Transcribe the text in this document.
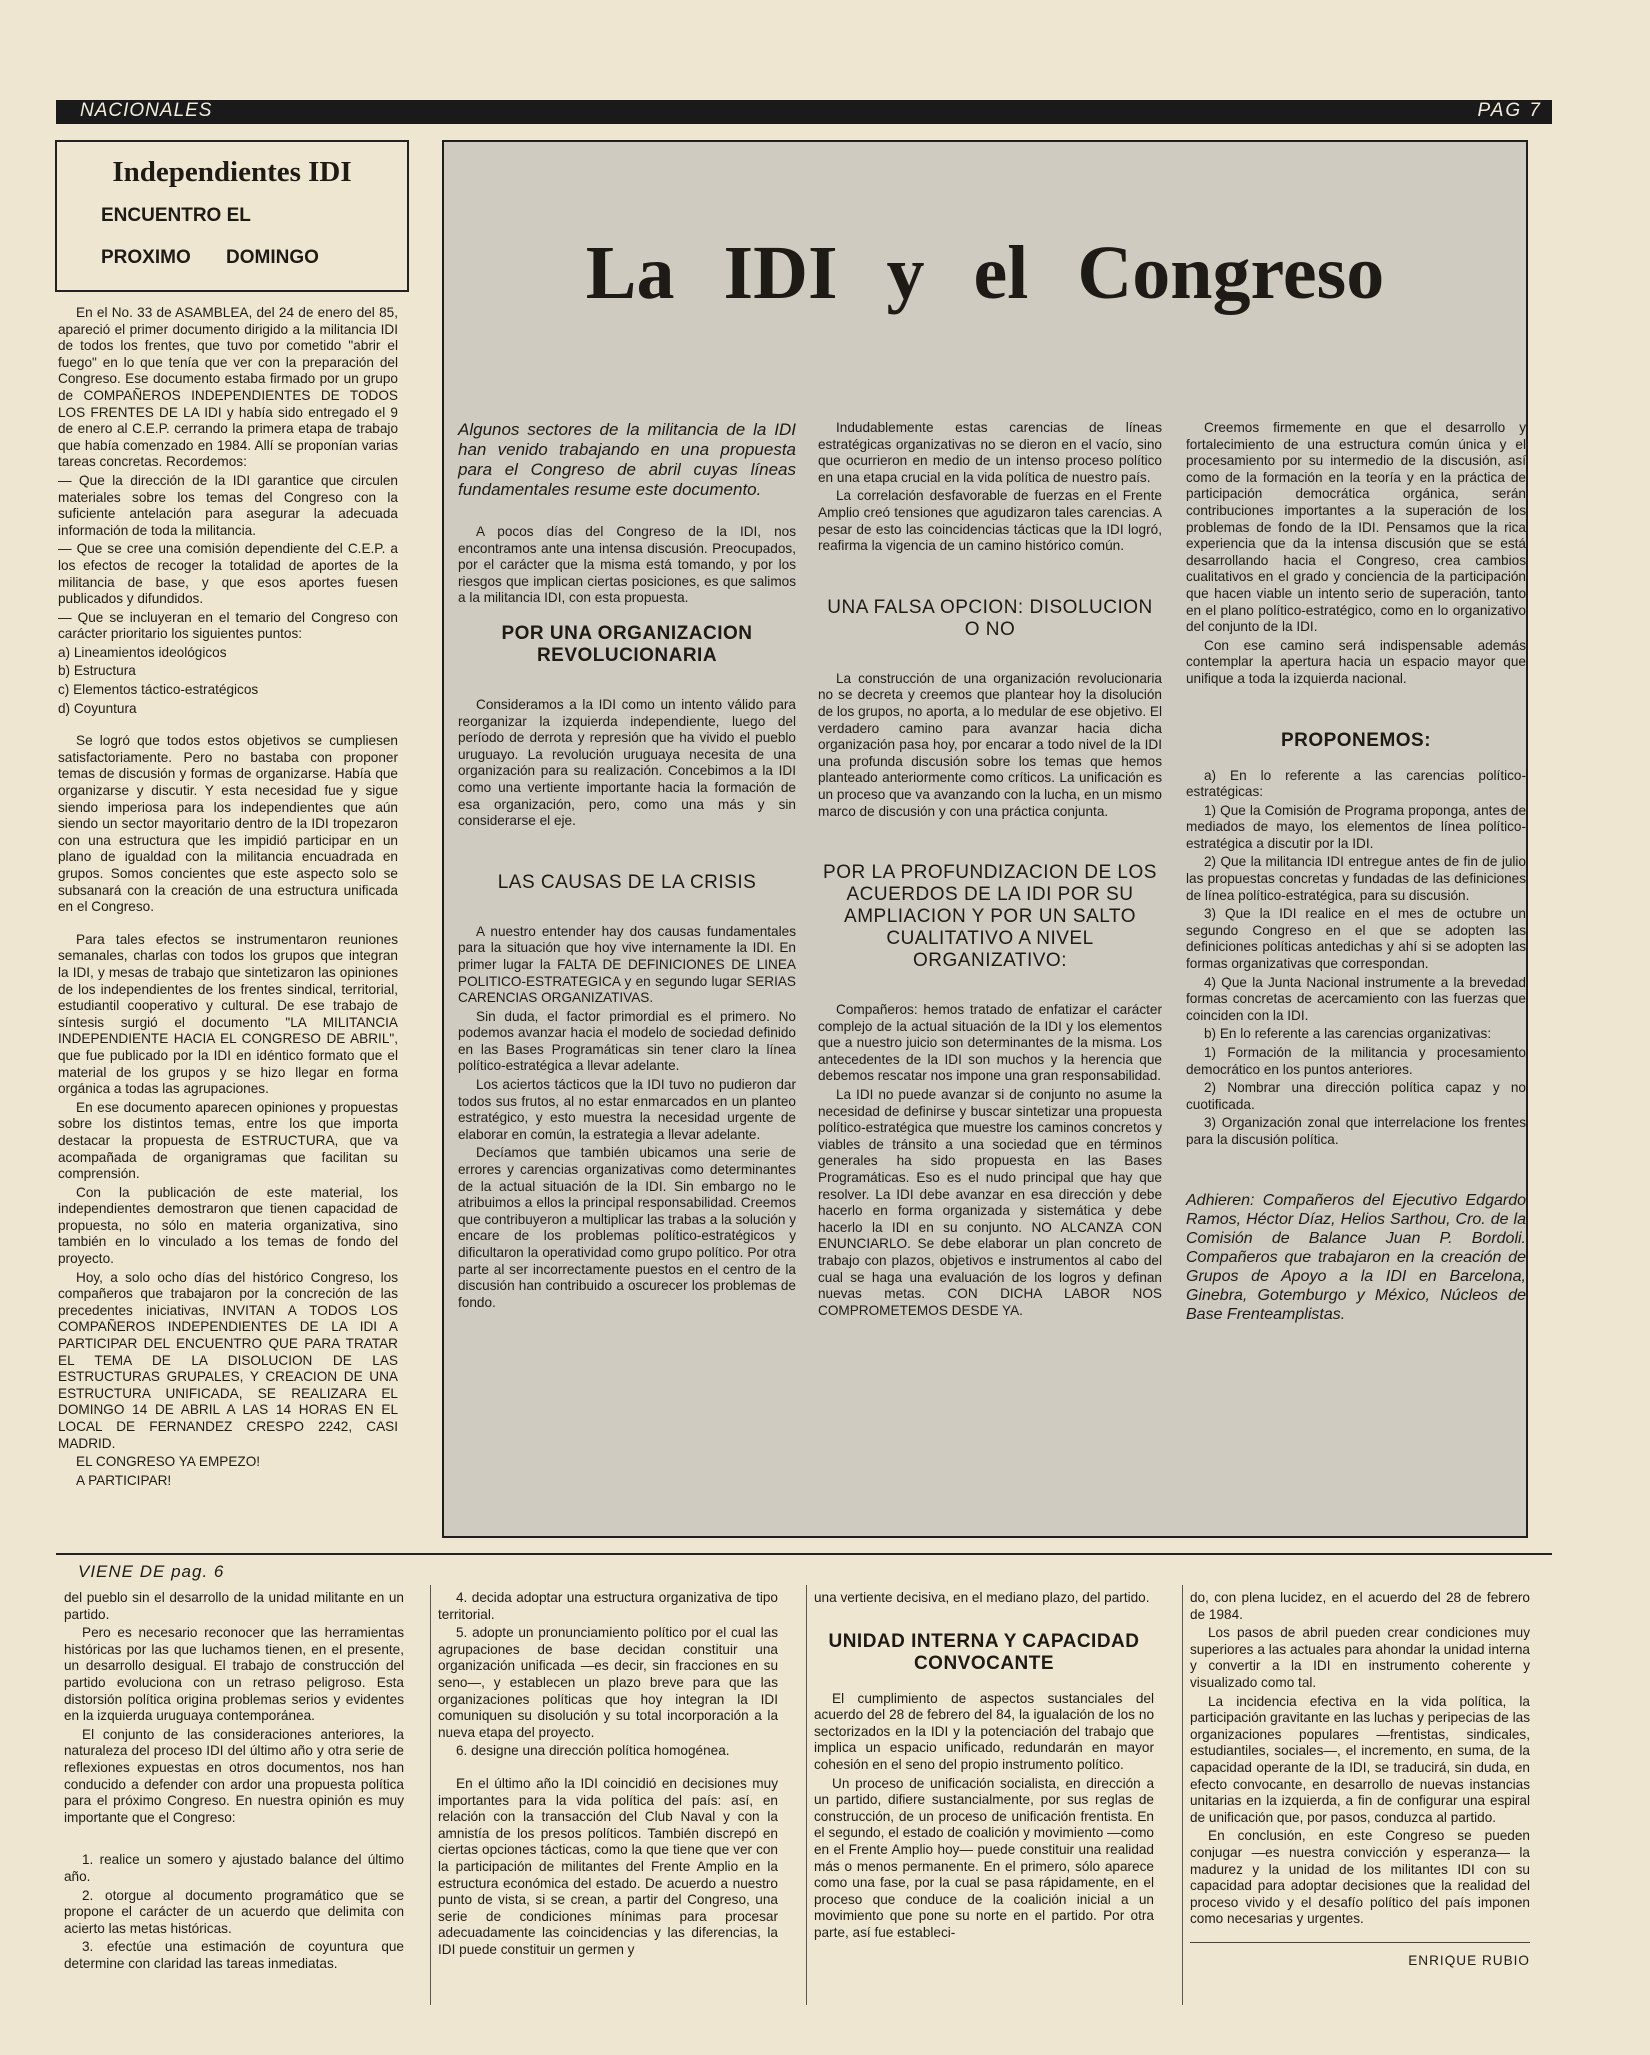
NACIONALES	PAG 7
Independientes IDI
ENCUENTRO EL
PROXIMO DOMINGO

En el No. 33 de ASAMBLEA, del 24 de enero del 85, apareció el primer documento dirigido a la militancia IDI de todos los frentes, que tuvo por cometido "abrir el fuego" en lo que tenía que ver con la preparación del Congreso. Ese documento estaba firmado por un grupo de COMPAÑEROS INDEPENDIENTES DE TODOS LOS FRENTES DE LA IDI y había sido entregado el 9 de enero al C.E.P. cerrando la primera etapa de trabajo que había comenzado en 1984. Allí se proponían varias tareas concretas. Recordemos:

— Que la dirección de la IDI garantice que circulen materiales sobre los temas del Congreso con la suficiente antelación para asegurar la adecuada información de toda la militancia.

— Que se cree una comisión dependiente del C.E.P. a los efectos de recoger la totalidad de aportes de la militancia de base, y que esos aportes fuesen publicados y difundidos.

— Que se incluyeran en el temario del Congreso con carácter prioritario los siguientes puntos:

a) Lineamientos ideológicos

b) Estructura

c) Elementos táctico-estratégicos

d) Coyuntura

Se logró que todos estos objetivos se cumpliesen satisfactoriamente. Pero no bastaba con proponer temas de discusión y formas de organizarse. Había que organizarse y discutir. Y esta necesidad fue y sigue siendo imperiosa para los independientes que aún siendo un sector mayoritario dentro de la IDI tropezaron con una estructura que les impidió participar en un plano de igualdad con la militancia encuadrada en grupos. Somos concientes que este aspecto solo se subsanará con la creación de una estructura unificada en el Congreso.

Para tales efectos se instrumentaron reuniones semanales, charlas con todos los grupos que integran la IDI, y mesas de trabajo que sintetizaron las opiniones de los independientes de los frentes sindical, territorial, estudiantil cooperativo y cultural. De ese trabajo de síntesis surgió el documento "LA MILITANCIA INDEPENDIENTE HACIA EL CONGRESO DE ABRIL", que fue publicado por la IDI en idéntico formato que el material de los grupos y se hizo llegar en forma orgánica a todas las agrupaciones.

En ese documento aparecen opiniones y propuestas sobre los distintos temas, entre los que importa destacar la propuesta de ESTRUCTURA, que va acompañada de organigramas que facilitan su comprensión.

Con la publicación de este material, los independientes demostraron que tienen capacidad de propuesta, no sólo en materia organizativa, sino también en lo vinculado a los temas de fondo del proyecto.

Hoy, a solo ocho días del histórico Congreso, los compañeros que trabajaron por la concreción de las precedentes iniciativas, INVITAN A TODOS LOS COMPAÑEROS INDEPENDIENTES DE LA IDI A PARTICIPAR DEL ENCUENTRO QUE PARA TRATAR EL TEMA DE LA DISOLUCION DE LAS ESTRUCTURAS GRUPALES, Y CREACION DE UNA ESTRUCTURA UNIFICADA, SE REALIZARA EL DOMINGO 14 DE ABRIL A LAS 14 HORAS EN EL LOCAL DE FERNANDEZ CRESPO 2242, CASI MADRID.

EL CONGRESO YA EMPEZO!

A PARTICIPAR!

La IDI y el Congreso

Algunos sectores de la militancia de la IDI han venido trabajando en una propuesta para el Congreso de abril cuyas líneas fundamentales resume este documento.

A pocos días del Congreso de la IDI, nos encontramos ante una intensa discusión. Preocupados, por el carácter que la misma está tomando, y por los riesgos que implican ciertas posiciones, es que salimos a la militancia IDI, con esta propuesta.

POR UNA ORGANIZACION REVOLUCIONARIA

Consideramos a la IDI como un intento válido para reorganizar la izquierda independiente, luego del período de derrota y represión que ha vivido el pueblo uruguayo. La revolución uruguaya necesita de una organización para su realización. Concebimos a la IDI como una vertiente importante hacia la formación de esa organización, pero, como una más y sin considerarse el eje.

LAS CAUSAS DE LA CRISIS

A nuestro entender hay dos causas fundamentales para la situación que hoy vive internamente la IDI. En primer lugar la FALTA DE DEFINICIONES DE LINEA POLITICO-ESTRATEGICA y en segundo lugar SERIAS CARENCIAS ORGANIZATIVAS.

Sin duda, el factor primordial es el primero. No podemos avanzar hacia el modelo de sociedad definido en las Bases Programáticas sin tener claro la línea político-estratégica a llevar adelante.

Los aciertos tácticos que la IDI tuvo no pudieron dar todos sus frutos, al no estar enmarcados en un planteo estratégico, y esto muestra la necesidad urgente de elaborar en común, la estrategia a llevar adelante.

Decíamos que también ubicamos una serie de errores y carencias organizativas como determinantes de la actual situación de la IDI. Sin embargo no le atribuimos a ellos la principal responsabilidad. Creemos que contribuyeron a multiplicar las trabas a la solución y encare de los problemas político-estratégicos y dificultaron la operatividad como grupo político. Por otra parte al ser incorrectamente puestos en el centro de la discusión han contribuido a oscurecer los problemas de fondo.

Indudablemente estas carencias de líneas estratégicas organizativas no se dieron en el vacío, sino que ocurrieron en medio de un intenso proceso político en una etapa crucial en la vida política de nuestro país.

La correlación desfavorable de fuerzas en el Frente Amplio creó tensiones que agudizaron tales carencias. A pesar de esto las coincidencias tácticas que la IDI logró, reafirma la vigencia de un camino histórico común.

UNA FALSA OPCION: DISOLUCION O NO

La construcción de una organización revolucionaria no se decreta y creemos que plantear hoy la disolución de los grupos, no aporta, a lo medular de ese objetivo. El verdadero camino para avanzar hacia dicha organización pasa hoy, por encarar a todo nivel de la IDI una profunda discusión sobre los temas que hemos planteado anteriormente como críticos. La unificación es un proceso que va avanzando con la lucha, en un mismo marco de discusión y con una práctica conjunta.

POR LA PROFUNDIZACION DE LOS ACUERDOS DE LA IDI POR SU AMPLIACION Y POR UN SALTO CUALITATIVO A NIVEL ORGANIZATIVO:

Compañeros: hemos tratado de enfatizar el carácter complejo de la actual situación de la IDI y los elementos que a nuestro juicio son determinantes de la misma. Los antecedentes de la IDI son muchos y la herencia que debemos rescatar nos impone una gran responsabilidad.

La IDI no puede avanzar si de conjunto no asume la necesidad de definirse y buscar sintetizar una propuesta político-estratégica que muestre los caminos concretos y viables de tránsito a una sociedad que en términos generales ha sido propuesta en las Bases Programáticas. Eso es el nudo principal que hay que resolver. La IDI debe avanzar en esa dirección y debe hacerlo en forma organizada y sistemática y debe hacerlo la IDI en su conjunto. NO ALCANZA CON ENUNCIARLO. Se debe elaborar un plan concreto de trabajo con plazos, objetivos e instrumentos al cabo del cual se haga una evaluación de los logros y definan nuevas metas. CON DICHA LABOR NOS COMPROMETEMOS DESDE YA.

Creemos firmemente en que el desarrollo y fortalecimiento de una estructura común única y el procesamiento por su intermedio de la discusión, así como de la formación en la teoría y en la práctica de participación democrática orgánica, serán contribuciones importantes a la superación de los problemas de fondo de la IDI. Pensamos que la rica experiencia que da la intensa discusión que se está desarrollando hacia el Congreso, crea cambios cualitativos en el grado y conciencia de la participación que hacen viable un intento serio de superación, tanto en el plano político-estratégico, como en lo organizativo del conjunto de la IDI.

Con ese camino será indispensable además contemplar la apertura hacia un espacio mayor que unifique a toda la izquierda nacional.

PROPONEMOS:

a) En lo referente a las carencias político-estratégicas:

1) Que la Comisión de Programa proponga, antes de mediados de mayo, los elementos de línea político-estratégica a discutir por la IDI.

2) Que la militancia IDI entregue antes de fin de julio las propuestas concretas y fundadas de las definiciones de línea político-estratégica, para su discusión.

3) Que la IDI realice en el mes de octubre un segundo Congreso en el que se adopten las definiciones políticas antedichas y ahí si se adopten las formas organizativas que correspondan.

4) Que la Junta Nacional instrumente a la brevedad formas concretas de acercamiento con las fuerzas que coinciden con la IDI.

b) En lo referente a las carencias organizativas:

1) Formación de la militancia y procesamiento democrático en los puntos anteriores.

2) Nombrar una dirección política capaz y no cuotificada.

3) Organización zonal que interrelacione los frentes para la discusión política.

Adhieren: Compañeros del Ejecutivo Edgardo Ramos, Héctor Díaz, Helios Sarthou, Cro. de la Comisión de Balance Juan P. Bordoli. Compañeros que trabajaron en la creación de Grupos de Apoyo a la IDI en Barcelona, Ginebra, Gotemburgo y México, Núcleos de Base Frenteamplistas.

VIENE DE pag. 6

del pueblo sin el desarrollo de la unidad militante en un partido.

Pero es necesario reconocer que las herramientas históricas por las que luchamos tienen, en el presente, un desarrollo desigual. El trabajo de construcción del partido evoluciona con un retraso peligroso. Esta distorsión política origina problemas serios y evidentes en la izquierda uruguaya contemporánea.

El conjunto de las consideraciones anteriores, la naturaleza del proceso IDI del último año y otra serie de reflexiones expuestas en otros documentos, nos han conducido a defender con ardor una propuesta política para el próximo Congreso. En nuestra opinión es muy importante que el Congreso:

1. realice un somero y ajustado balance del último año.

2. otorgue al documento programático que se propone el carácter de un acuerdo que delimita con acierto las metas históricas.

3. efectúe una estimación de coyuntura que determine con claridad las tareas inmediatas.

4. decida adoptar una estructura organizativa de tipo territorial.

5. adopte un pronunciamiento político por el cual las agrupaciones de base decidan constituir una organización unificada —es decir, sin fracciones en su seno—, y establecen un plazo breve para que las organizaciones políticas que hoy integran la IDI comuniquen su disolución y su total incorporación a la nueva etapa del proyecto.

6. designe una dirección política homogénea.

En el último año la IDI coincidió en decisiones muy importantes para la vida política del país: así, en relación con la transacción del Club Naval y con la amnistía de los presos políticos. También discrepó en ciertas opciones tácticas, como la que tiene que ver con la participación de militantes del Frente Amplio en la estructura económica del estado. De acuerdo a nuestro punto de vista, si se crean, a partir del Congreso, una serie de condiciones mínimas para procesar adecuadamente las coincidencias y las diferencias, la IDI puede constituir un germen y

una vertiente decisiva, en el mediano plazo, del partido.

UNIDAD INTERNA Y CAPACIDAD CONVOCANTE

El cumplimiento de aspectos sustanciales del acuerdo del 28 de febrero del 84, la igualación de los no sectorizados en la IDI y la potenciación del trabajo que implica un espacio unificado, redundarán en mayor cohesión en el seno del propio instrumento político.

Un proceso de unificación socialista, en dirección a un partido, difiere sustancialmente, por sus reglas de construcción, de un proceso de unificación frentista. En el segundo, el estado de coalición y movimiento —como en el Frente Amplio hoy— puede constituir una realidad más o menos permanente. En el primero, sólo aparece como una fase, por la cual se pasa rápidamente, en el proceso que conduce de la coalición inicial a un movimiento que pone su norte en el partido. Por otra parte, así fue estableci-

do, con plena lucidez, en el acuerdo del 28 de febrero de 1984.

Los pasos de abril pueden crear condiciones muy superiores a las actuales para ahondar la unidad interna y convertir a la IDI en instrumento coherente y visualizado como tal.

La incidencia efectiva en la vida política, la participación gravitante en las luchas y peripecias de las organizaciones populares —frentistas, sindicales, estudiantiles, sociales—, el incremento, en suma, de la capacidad operante de la IDI, se traducirá, sin duda, en efecto convocante, en desarrollo de nuevas instancias unitarias en la izquierda, a fin de configurar una espiral de unificación que, por pasos, conduzca al partido.

En conclusión, en este Congreso se pueden conjugar —es nuestra convicción y esperanza— la madurez y la unidad de los militantes IDI con su capacidad para adoptar decisiones que la realidad del proceso vivido y el desafío político del país imponen como necesarias y urgentes.

ENRIQUE RUBIO
